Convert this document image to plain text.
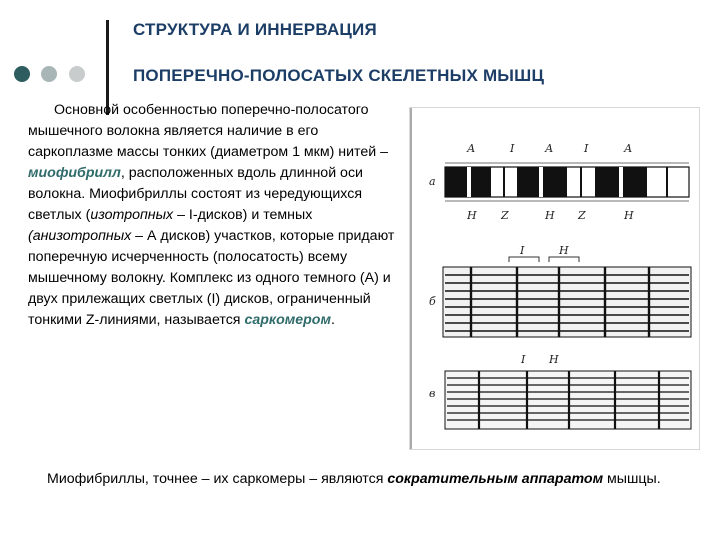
СТРУКТУРА И ИННЕРВАЦИЯ
ПОПЕРЕЧНО-ПОЛОСАТЫХ СКЕЛЕТНЫХ МЫШЦ
Основной особенностью поперечно-полосатого мышечного волокна является наличие в его саркоплазме массы тонких (диаметром 1 мкм) нитей – миофибрилл, расположенных вдоль длинной оси волокна. Миофибриллы состоят из чередующихся светлых (изотропных – I-дисков) и темных (анизотропных – А дисков) участков, которые придают поперечную исчерченность (полосатость) всему мышечному волокну. Комплекс из одного темного (А) и двух прилежащих светлых (I) дисков, ограниченный тонкими Z-линиями, называется саркомером.
а
б
в
А	I	А	I	А
Н Z	Н Z	Н
I	Н
I Н
Миофибриллы, точнее – их саркомеры – являются сократительным аппаратом мышцы.
